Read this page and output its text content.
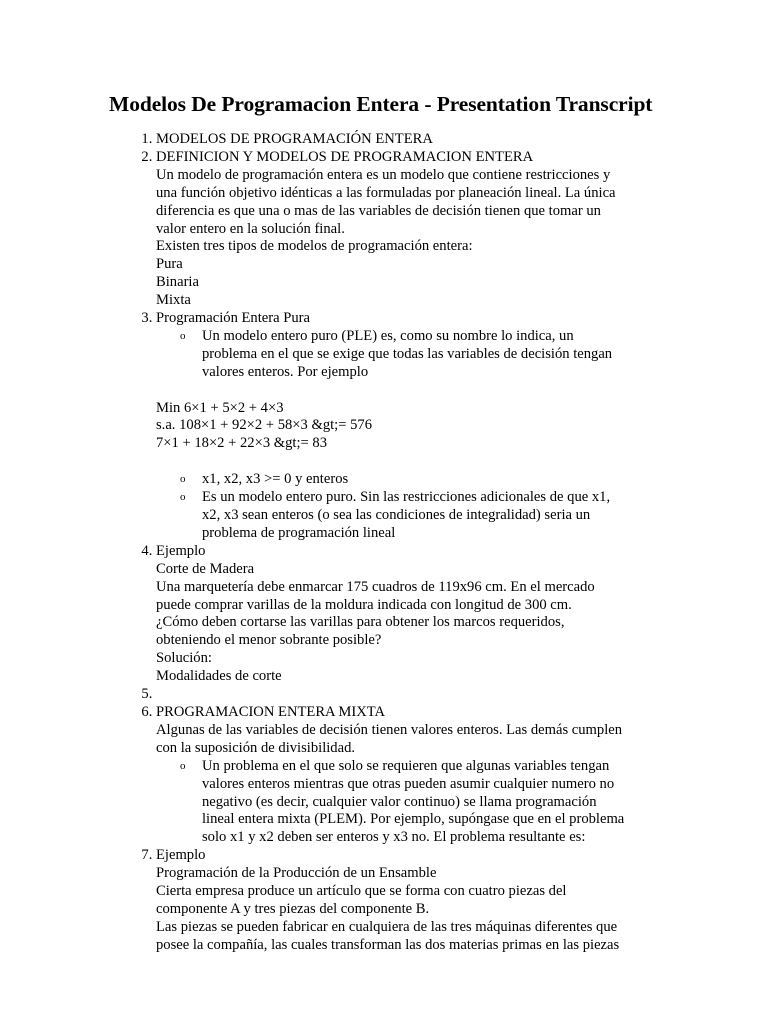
Modelos De Programacion Entera - Presentation Transcript
1. MODELOS DE PROGRAMACIÓN ENTERA
2. DEFINICION Y MODELOS DE PROGRAMACION ENTERA
Un modelo de programación entera es un modelo que contiene restricciones y
una función objetivo idénticas a las formuladas por planeación lineal. La única
diferencia es que una o mas de las variables de decisión tienen que tomar un
valor entero en la solución final.
Existen tres tipos de modelos de programación entera:
Pura
Binaria
Mixta
3. Programación Entera Pura
o Un modelo entero puro (PLE) es, como su nombre lo indica, un
problema en el que se exige que todas las variables de decisión tengan
valores enteros. Por ejemplo
Min 6×1 + 5×2 + 4×3
s.a. 108×1 + 92×2 + 58×3 &gt;= 576
7×1 + 18×2 + 22×3 &gt;= 83
o x1, x2, x3 >= 0 y enteros
o Es un modelo entero puro. Sin las restricciones adicionales de que x1,
x2, x3 sean enteros (o sea las condiciones de integralidad) seria un
problema de programación lineal
4. Ejemplo
Corte de Madera
Una marquetería debe enmarcar 175 cuadros de 119x96 cm. En el mercado
puede comprar varillas de la moldura indicada con longitud de 300 cm.
¿Cómo deben cortarse las varillas para obtener los marcos requeridos,
obteniendo el menor sobrante posible?
Solución:
Modalidades de corte
5.
6. PROGRAMACION ENTERA MIXTA
Algunas de las variables de decisión tienen valores enteros. Las demás cumplen
con la suposición de divisibilidad.
o Un problema en el que solo se requieren que algunas variables tengan
valores enteros mientras que otras pueden asumir cualquier numero no
negativo (es decir, cualquier valor continuo) se llama programación
lineal entera mixta (PLEM). Por ejemplo, supóngase que en el problema
solo x1 y x2 deben ser enteros y x3 no. El problema resultante es:
7. Ejemplo
Programación de la Producción de un Ensamble
Cierta empresa produce un artículo que se forma con cuatro piezas del
componente A y tres piezas del componente B.
Las piezas se pueden fabricar en cualquiera de las tres máquinas diferentes que
posee la compañía, las cuales transforman las dos materias primas en las piezas
